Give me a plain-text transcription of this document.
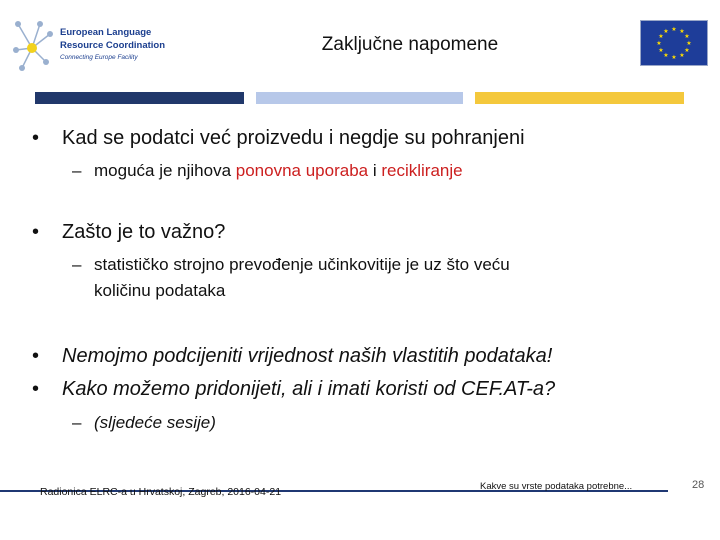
European Language
Resource Coordination
Connecting Europe Facility
Zaključne napomene
★ ★
★
★
★
★
★
★
★
★
★
★
• Kad se podatci već proizvedu i negdje su pohranjeni
– moguća je njihova ponovna uporaba i recikliranje
• Zašto je to važno?
– statističko strojno prevođenje učinkovitije je uz što veću
količinu podataka
• Nemojmo podcijeniti vrijednost naših vlastitih podataka!
• Kako možemo pridonijeti, ali i imati koristi od CEF.AT-a?
– (sljedeće sesije)
Radionica ELRC-a u Hrvatskoj, Zagreb, 2016-04-21	Kakve su vrste podataka potrebne...	28
